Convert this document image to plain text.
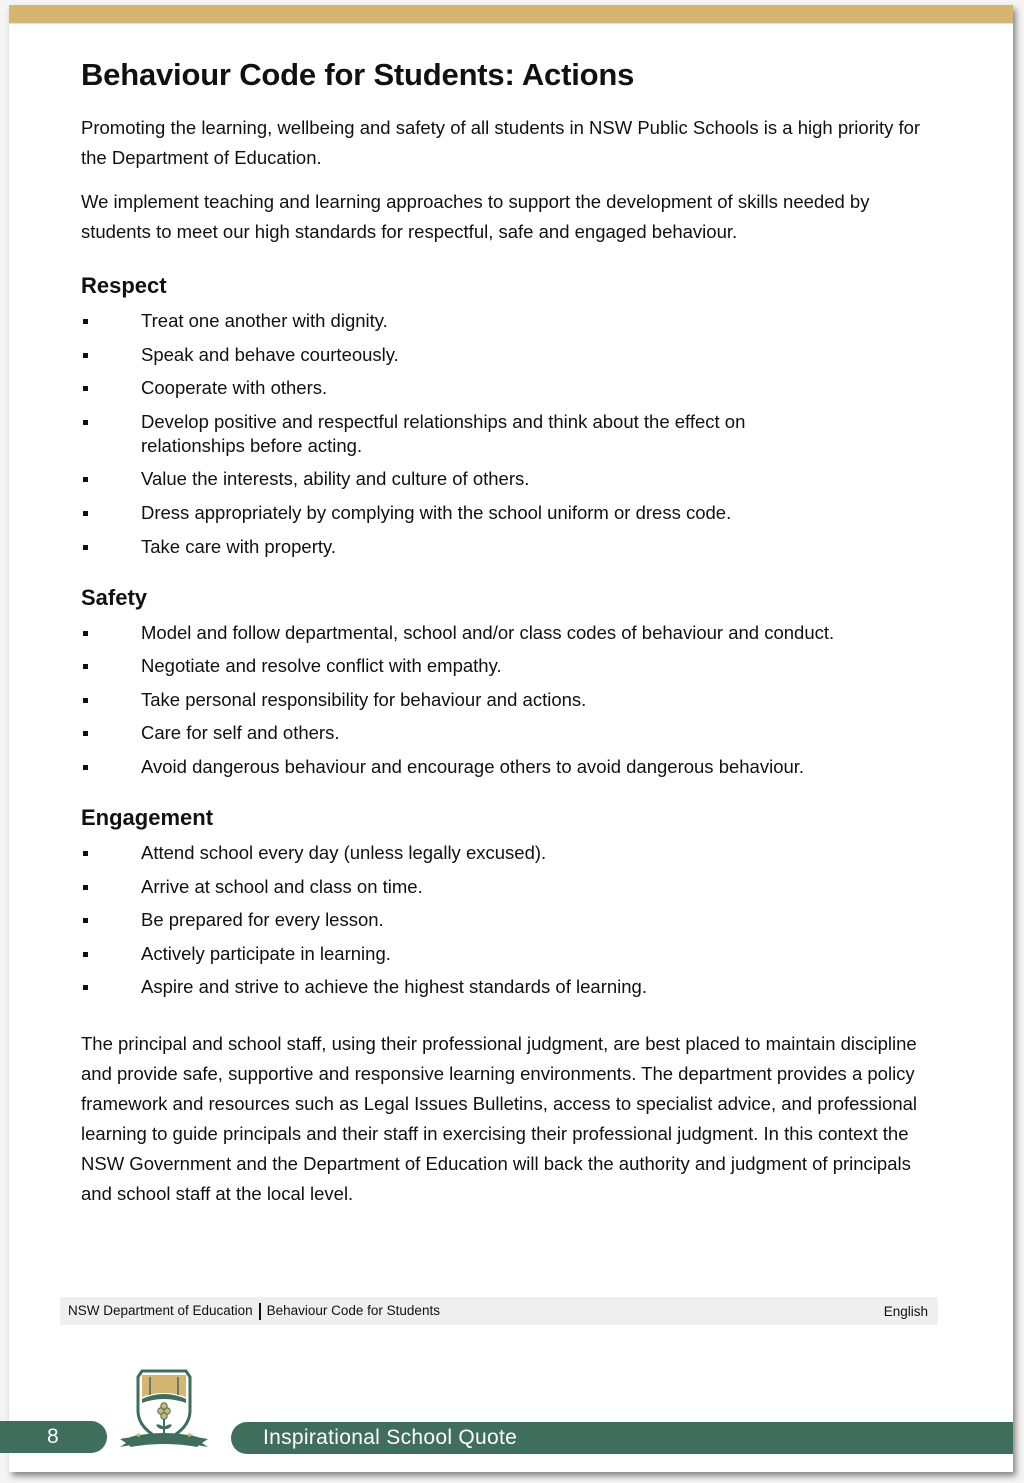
Behaviour Code for Students: Actions

Promoting the learning, wellbeing and safety of all students in NSW Public Schools is a high priority for the Department of Education.

We implement teaching and learning approaches to support the development of skills needed by students to meet our high standards for respectful, safe and engaged behaviour.

Respect
Treat one another with dignity.
Speak and behave courteously.
Cooperate with others.
Develop positive and respectful relationships and think about the effect on relationships before acting.
Value the interests, ability and culture of others.
Dress appropriately by complying with the school uniform or dress code.
Take care with property.
Safety
Model and follow departmental, school and/or class codes of behaviour and conduct.
Negotiate and resolve conflict with empathy.
Take personal responsibility for behaviour and actions.
Care for self and others.
Avoid dangerous behaviour and encourage others to avoid dangerous behaviour.
Engagement
Attend school every day (unless legally excused).
Arrive at school and class on time.
Be prepared for every lesson.
Actively participate in learning.
Aspire and strive to achieve the highest standards of learning.

The principal and school staff, using their professional judgment, are best placed to maintain discipline and provide safe, supportive and responsive learning environments. The department provides a policy framework and resources such as Legal Issues Bulletins, access to specialist advice, and professional learning to guide principals and their staff in exercising their professional judgment. In this context the NSW Government and the Department of Education will back the authority and judgment of principals and school staff at the local level.

NSW Department of Education Behaviour Code for Students	English
8	Inspirational School Quote
